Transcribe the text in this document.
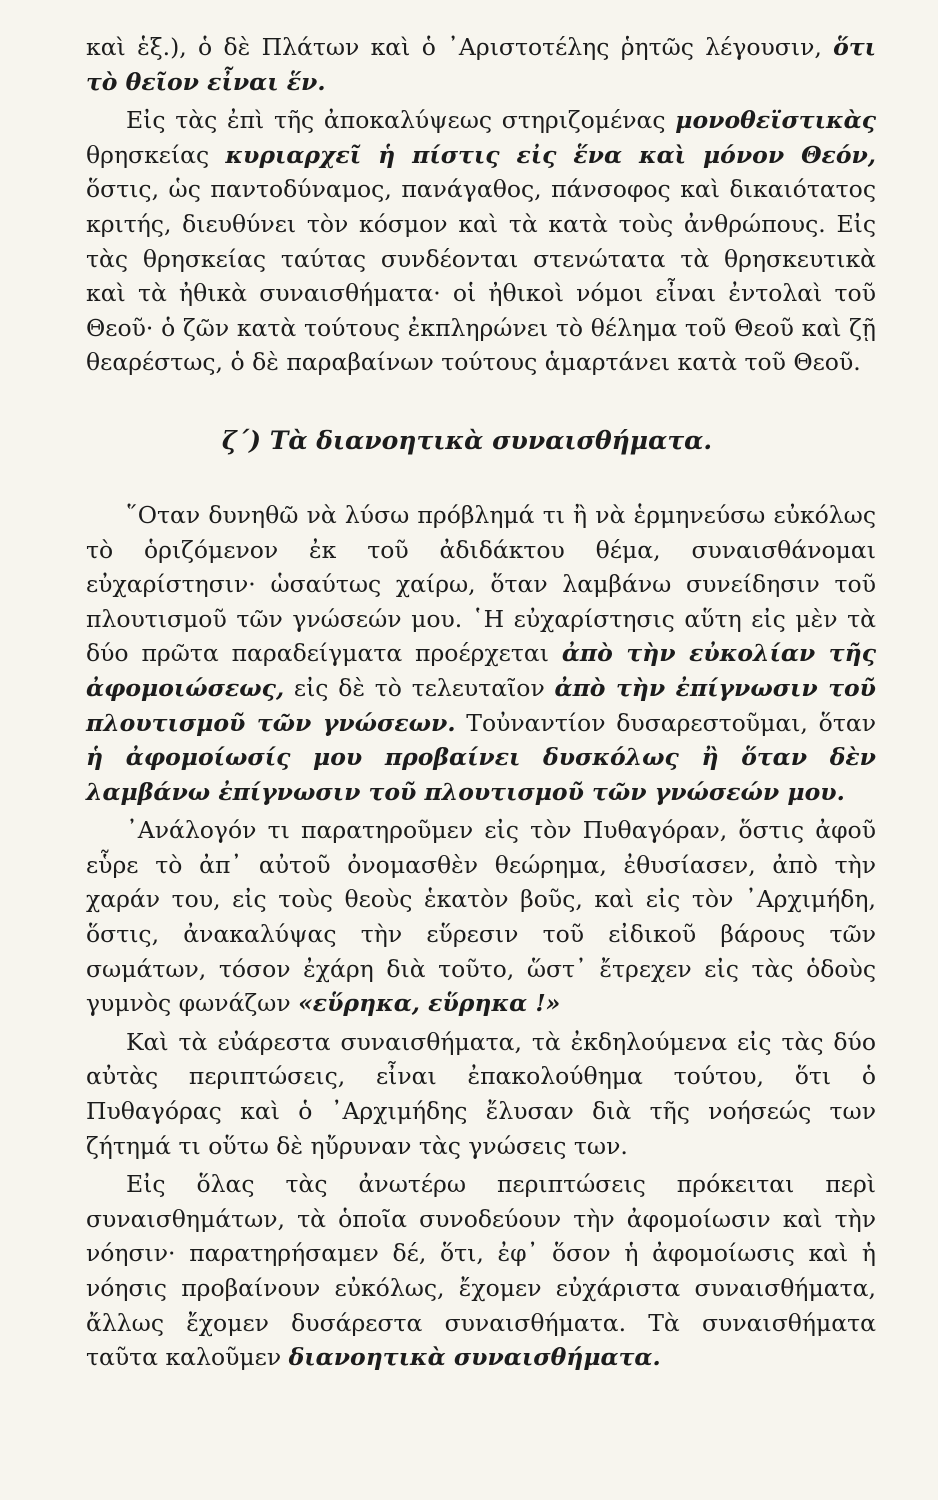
καὶ ἑξ.), ὁ δὲ Πλάτων καὶ ὁ ᾿Αριστοτέλης ῥητῶς λέγουσιν, ὅτι τὸ θεῖον εἶναι ἕν.

Εἰς τὰς ἐπὶ τῆς ἀποκαλύψεως στηριζομένας μονοθεϊστικὰς θρησκείας κυριαρχεῖ ἡ πίστις εἰς ἕνα καὶ μόνον Θεόν, ὅστις, ὡς παντοδύναμος, πανάγαθος, πάνσοφος καὶ δικαιότατος κριτής, διευθύνει τὸν κόσμον καὶ τὰ κατὰ τοὺς ἀνθρώπους. Εἰς τὰς θρησκείας ταύτας συνδέονται στενώτατα τὰ θρησκευτικὰ καὶ τὰ ἠθικὰ συναισθήματα· οἱ ἠθικοὶ νόμοι εἶναι ἐντολαὶ τοῦ Θεοῦ· ὁ ζῶν κατὰ τούτους ἐκπληρώνει τὸ θέλημα τοῦ Θεοῦ καὶ ζῇ θεαρέστως, ὁ δὲ παραβαίνων τούτους ἁμαρτάνει κατὰ τοῦ Θεοῦ.

ζ΄) Τὰ διανοητικὰ συναισθήματα.

῞Οταν δυνηθῶ νὰ λύσω πρόβλημά τι ἢ νὰ ἑρμηνεύσω εὐκόλως τὸ ὁριζόμενον ἐκ τοῦ ἀδιδάκτου θέμα, συναισθάνομαι εὐχαρίστησιν· ὡσαύτως χαίρω, ὅταν λαμβάνω συνείδησιν τοῦ πλουτισμοῦ τῶν γνώσεών μου. ῾Η εὐχαρίστησις αὕτη εἰς μὲν τὰ δύο πρῶτα παραδείγματα προέρχεται ἀπὸ τὴν εὐκολίαν τῆς ἀφομοιώσεως, εἰς δὲ τὸ τελευταῖον ἀπὸ τὴν ἐπίγνωσιν τοῦ πλουτισμοῦ τῶν γνώσεων. Τοὐναντίον δυσαρεστοῦμαι, ὅταν ἡ ἀφομοίωσίς μου προβαίνει δυσκόλως ἢ ὅταν δὲν λαμβάνω ἐπίγνωσιν τοῦ πλουτισμοῦ τῶν γνώσεών μου.

᾿Ανάλογόν τι παρατηροῦμεν εἰς τὸν Πυθαγόραν, ὅστις ἀφοῦ εὗρε τὸ ἀπ᾿ αὐτοῦ ὀνομασθὲν θεώρημα, ἐθυσίασεν, ἀπὸ τὴν χαράν του, εἰς τοὺς θεοὺς ἑκατὸν βοῦς, καὶ εἰς τὸν ᾿Αρχιμήδη, ὅστις, ἀνακαλύψας τὴν εὕρεσιν τοῦ εἰδικοῦ βάρους τῶν σωμάτων, τόσον ἐχάρη διὰ τοῦτο, ὥστ᾿ ἔτρεχεν εἰς τὰς ὁδοὺς γυμνὸς φωνάζων «εὕρηκα, εὕρηκα !»

Καὶ τὰ εὐάρεστα συναισθήματα, τὰ ἐκδηλούμενα εἰς τὰς δύο αὐτὰς περιπτώσεις, εἶναι ἐπακολούθημα τούτου, ὅτι ὁ Πυθαγόρας καὶ ὁ ᾿Αρχιμήδης ἔλυσαν διὰ τῆς νοήσεώς των ζήτημά τι οὕτω δὲ ηὔρυναν τὰς γνώσεις των.

Εἰς ὅλας τὰς ἀνωτέρω περιπτώσεις πρόκειται περὶ συναισθημάτων, τὰ ὁποῖα συνοδεύουν τὴν ἀφομοίωσιν καὶ τὴν νόησιν· παρατηρήσαμεν δέ, ὅτι, ἐφ᾿ ὅσον ἡ ἀφομοίωσις καὶ ἡ νόησις προβαίνουν εὐκόλως, ἔχομεν εὐχάριστα συναισθήματα, ἄλλως ἔχομεν δυσάρεστα συναισθήματα. Τὰ συναισθήματα ταῦτα καλοῦμεν διανοητικὰ συναισθήματα.
